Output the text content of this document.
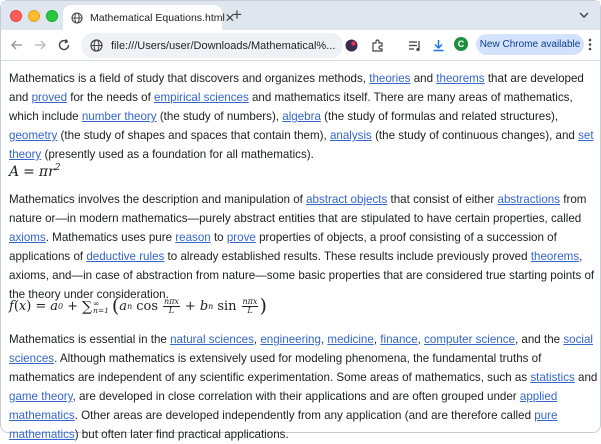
Mathematical Equations.html ✕
+
file:///Users/user/Downloads/Mathematical%...	C	New Chrome available

Mathematics is a field of study that discovers and organizes methods, theories and theorems that are developed and proved for the needs of empirical sciences and mathematics itself. There are many areas of mathematics, which include number theory (the study of numbers), algebra (the study of formulas and related structures), geometry (the study of shapes and spaces that contain them), analysis (the study of continuous changes), and set theory (presently used as a foundation for all mathematics).

$A = \pi r^2$

Mathematics involves the description and manipulation of abstract objects that consist of either abstractions from nature or—in modern mathematics—purely abstract entities that are stipulated to have certain properties, called axioms. Mathematics uses pure reason to prove properties of objects, a proof consisting of a succession of applications of deductive rules to already established results. These results include previously proved theorems, axioms, and—in case of abstraction from nature—some basic properties that are considered true starting points of the theory under consideration.

f ( x ) = a 0 + ∑ ∞
n=1 ( a n $\cos \frac{\text{nπx}}{L} + b$ n $\sin \frac{\text{nπx}}{L}$ )

Mathematics is essential in the natural sciences, engineering, medicine, finance, computer science, and the social sciences. Although mathematics is extensively used for modeling phenomena, the fundamental truths of mathematics are independent of any scientific experimentation. Some areas of mathematics, such as statistics and game theory, are developed in close correlation with their applications and are often grouped under applied mathematics. Other areas are developed independently from any application (and are therefore called pure mathematics) but often later find practical applications.
